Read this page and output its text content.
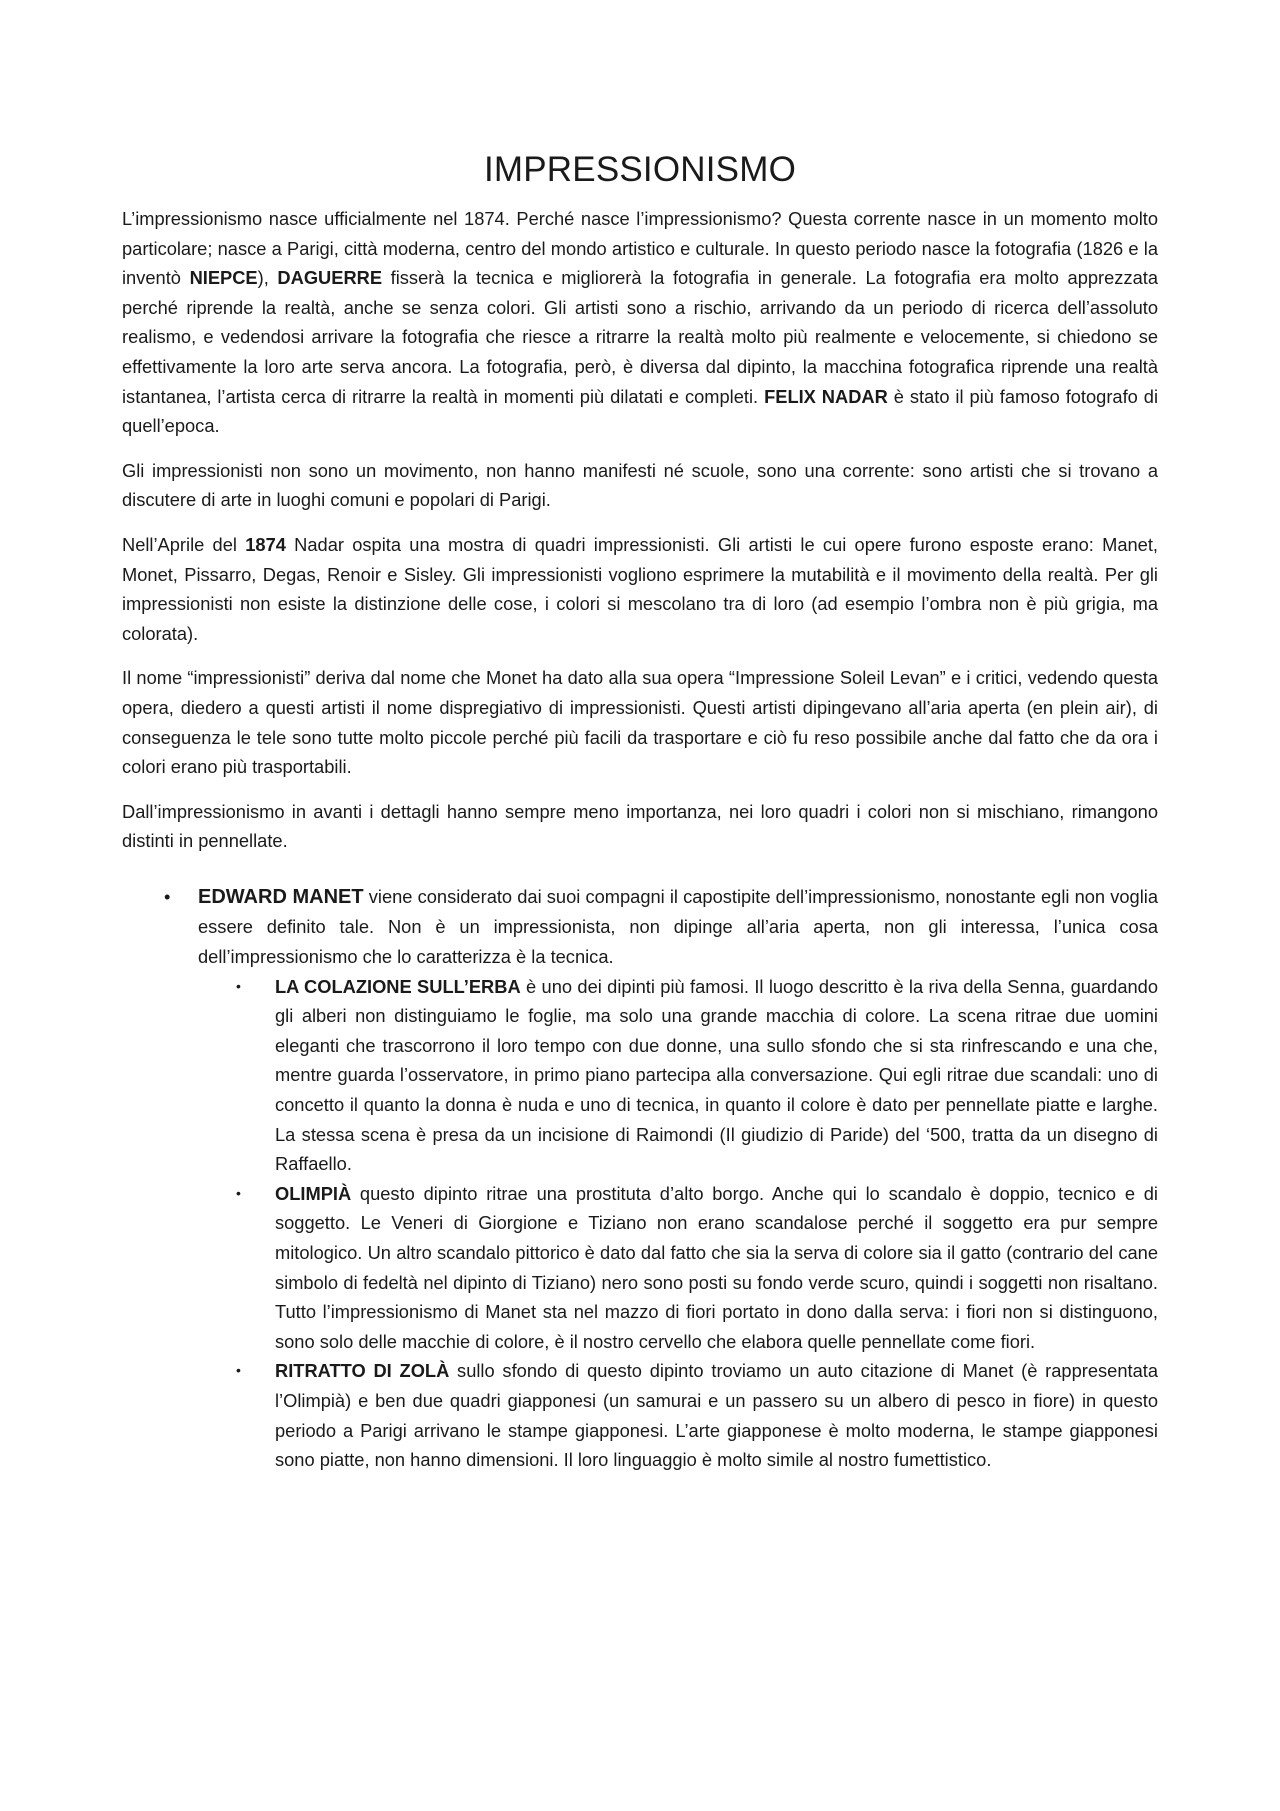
IMPRESSIONISMO

L’impressionismo nasce ufficialmente nel 1874. Perché nasce l’impressionismo? Questa corrente nasce in un momento molto particolare; nasce a Parigi, città moderna, centro del mondo artistico e culturale. In questo periodo nasce la fotografia (1826 e la inventò NIEPCE), DAGUERRE fisserà la tecnica e migliorerà la fotografia in generale. La fotografia era molto apprezzata perché riprende la realtà, anche se senza colori. Gli artisti sono a rischio, arrivando da un periodo di ricerca dell’assoluto realismo, e vedendosi arrivare la fotografia che riesce a ritrarre la realtà molto più realmente e velocemente, si chiedono se effettivamente la loro arte serva ancora. La fotografia, però, è diversa dal dipinto, la macchina fotografica riprende una realtà istantanea, l’artista cerca di ritrarre la realtà in momenti più dilatati e completi. FELIX NADAR è stato il più famoso fotografo di quell’epoca.

Gli impressionisti non sono un movimento, non hanno manifesti né scuole, sono una corrente: sono artisti che si trovano a discutere di arte in luoghi comuni e popolari di Parigi.

Nell’Aprile del 1874 Nadar ospita una mostra di quadri impressionisti. Gli artisti le cui opere furono esposte erano: Manet, Monet, Pissarro, Degas, Renoir e Sisley. Gli impressionisti vogliono esprimere la mutabilità e il movimento della realtà. Per gli impressionisti non esiste la distinzione delle cose, i colori si mescolano tra di loro (ad esempio l’ombra non è più grigia, ma colorata).

Il nome “impressionisti” deriva dal nome che Monet ha dato alla sua opera “Impressione Soleil Levan” e i critici, vedendo questa opera, diedero a questi artisti il nome dispregiativo di impressionisti. Questi artisti dipingevano all’aria aperta (en plein air), di conseguenza le tele sono tutte molto piccole perché più facili da trasportare e ciò fu reso possibile anche dal fatto che da ora i colori erano più trasportabili.

Dall’impressionismo in avanti i dettagli hanno sempre meno importanza, nei loro quadri i colori non si mischiano, rimangono distinti in pennellate.

• EDWARD MANET viene considerato dai suoi compagni il capostipite dell’impressionismo, nonostante egli non voglia essere definito tale. Non è un impressionista, non dipinge all’aria aperta, non gli interessa, l’unica cosa dell’impressionismo che lo caratterizza è la tecnica.
• LA COLAZIONE SULL’ERBA è uno dei dipinti più famosi. Il luogo descritto è la riva della Senna, guardando gli alberi non distinguiamo le foglie, ma solo una grande macchia di colore. La scena ritrae due uomini eleganti che trascorrono il loro tempo con due donne, una sullo sfondo che si sta rinfrescando e una che, mentre guarda l’osservatore, in primo piano partecipa alla conversazione. Qui egli ritrae due scandali: uno di concetto il quanto la donna è nuda e uno di tecnica, in quanto il colore è dato per pennellate piatte e larghe. La stessa scena è presa da un incisione di Raimondi (Il giudizio di Paride) del ‘500, tratta da un disegno di Raffaello.
• OLIMPIÀ questo dipinto ritrae una prostituta d’alto borgo. Anche qui lo scandalo è doppio, tecnico e di soggetto. Le Veneri di Giorgione e Tiziano non erano scandalose perché il soggetto era pur sempre mitologico. Un altro scandalo pittorico è dato dal fatto che sia la serva di colore sia il gatto (contrario del cane simbolo di fedeltà nel dipinto di Tiziano) nero sono posti su fondo verde scuro, quindi i soggetti non risaltano. Tutto l’impressionismo di Manet sta nel mazzo di fiori portato in dono dalla serva: i fiori non si distinguono, sono solo delle macchie di colore, è il nostro cervello che elabora quelle pennellate come fiori.
• RITRATTO DI ZOLÀ sullo sfondo di questo dipinto troviamo un auto citazione di Manet (è rappresentata l’Olimpià) e ben due quadri giapponesi (un samurai e un passero su un albero di pesco in fiore) in questo periodo a Parigi arrivano le stampe giapponesi. L’arte giapponese è molto moderna, le stampe giapponesi sono piatte, non hanno dimensioni. Il loro linguaggio è molto simile al nostro fumettistico.
